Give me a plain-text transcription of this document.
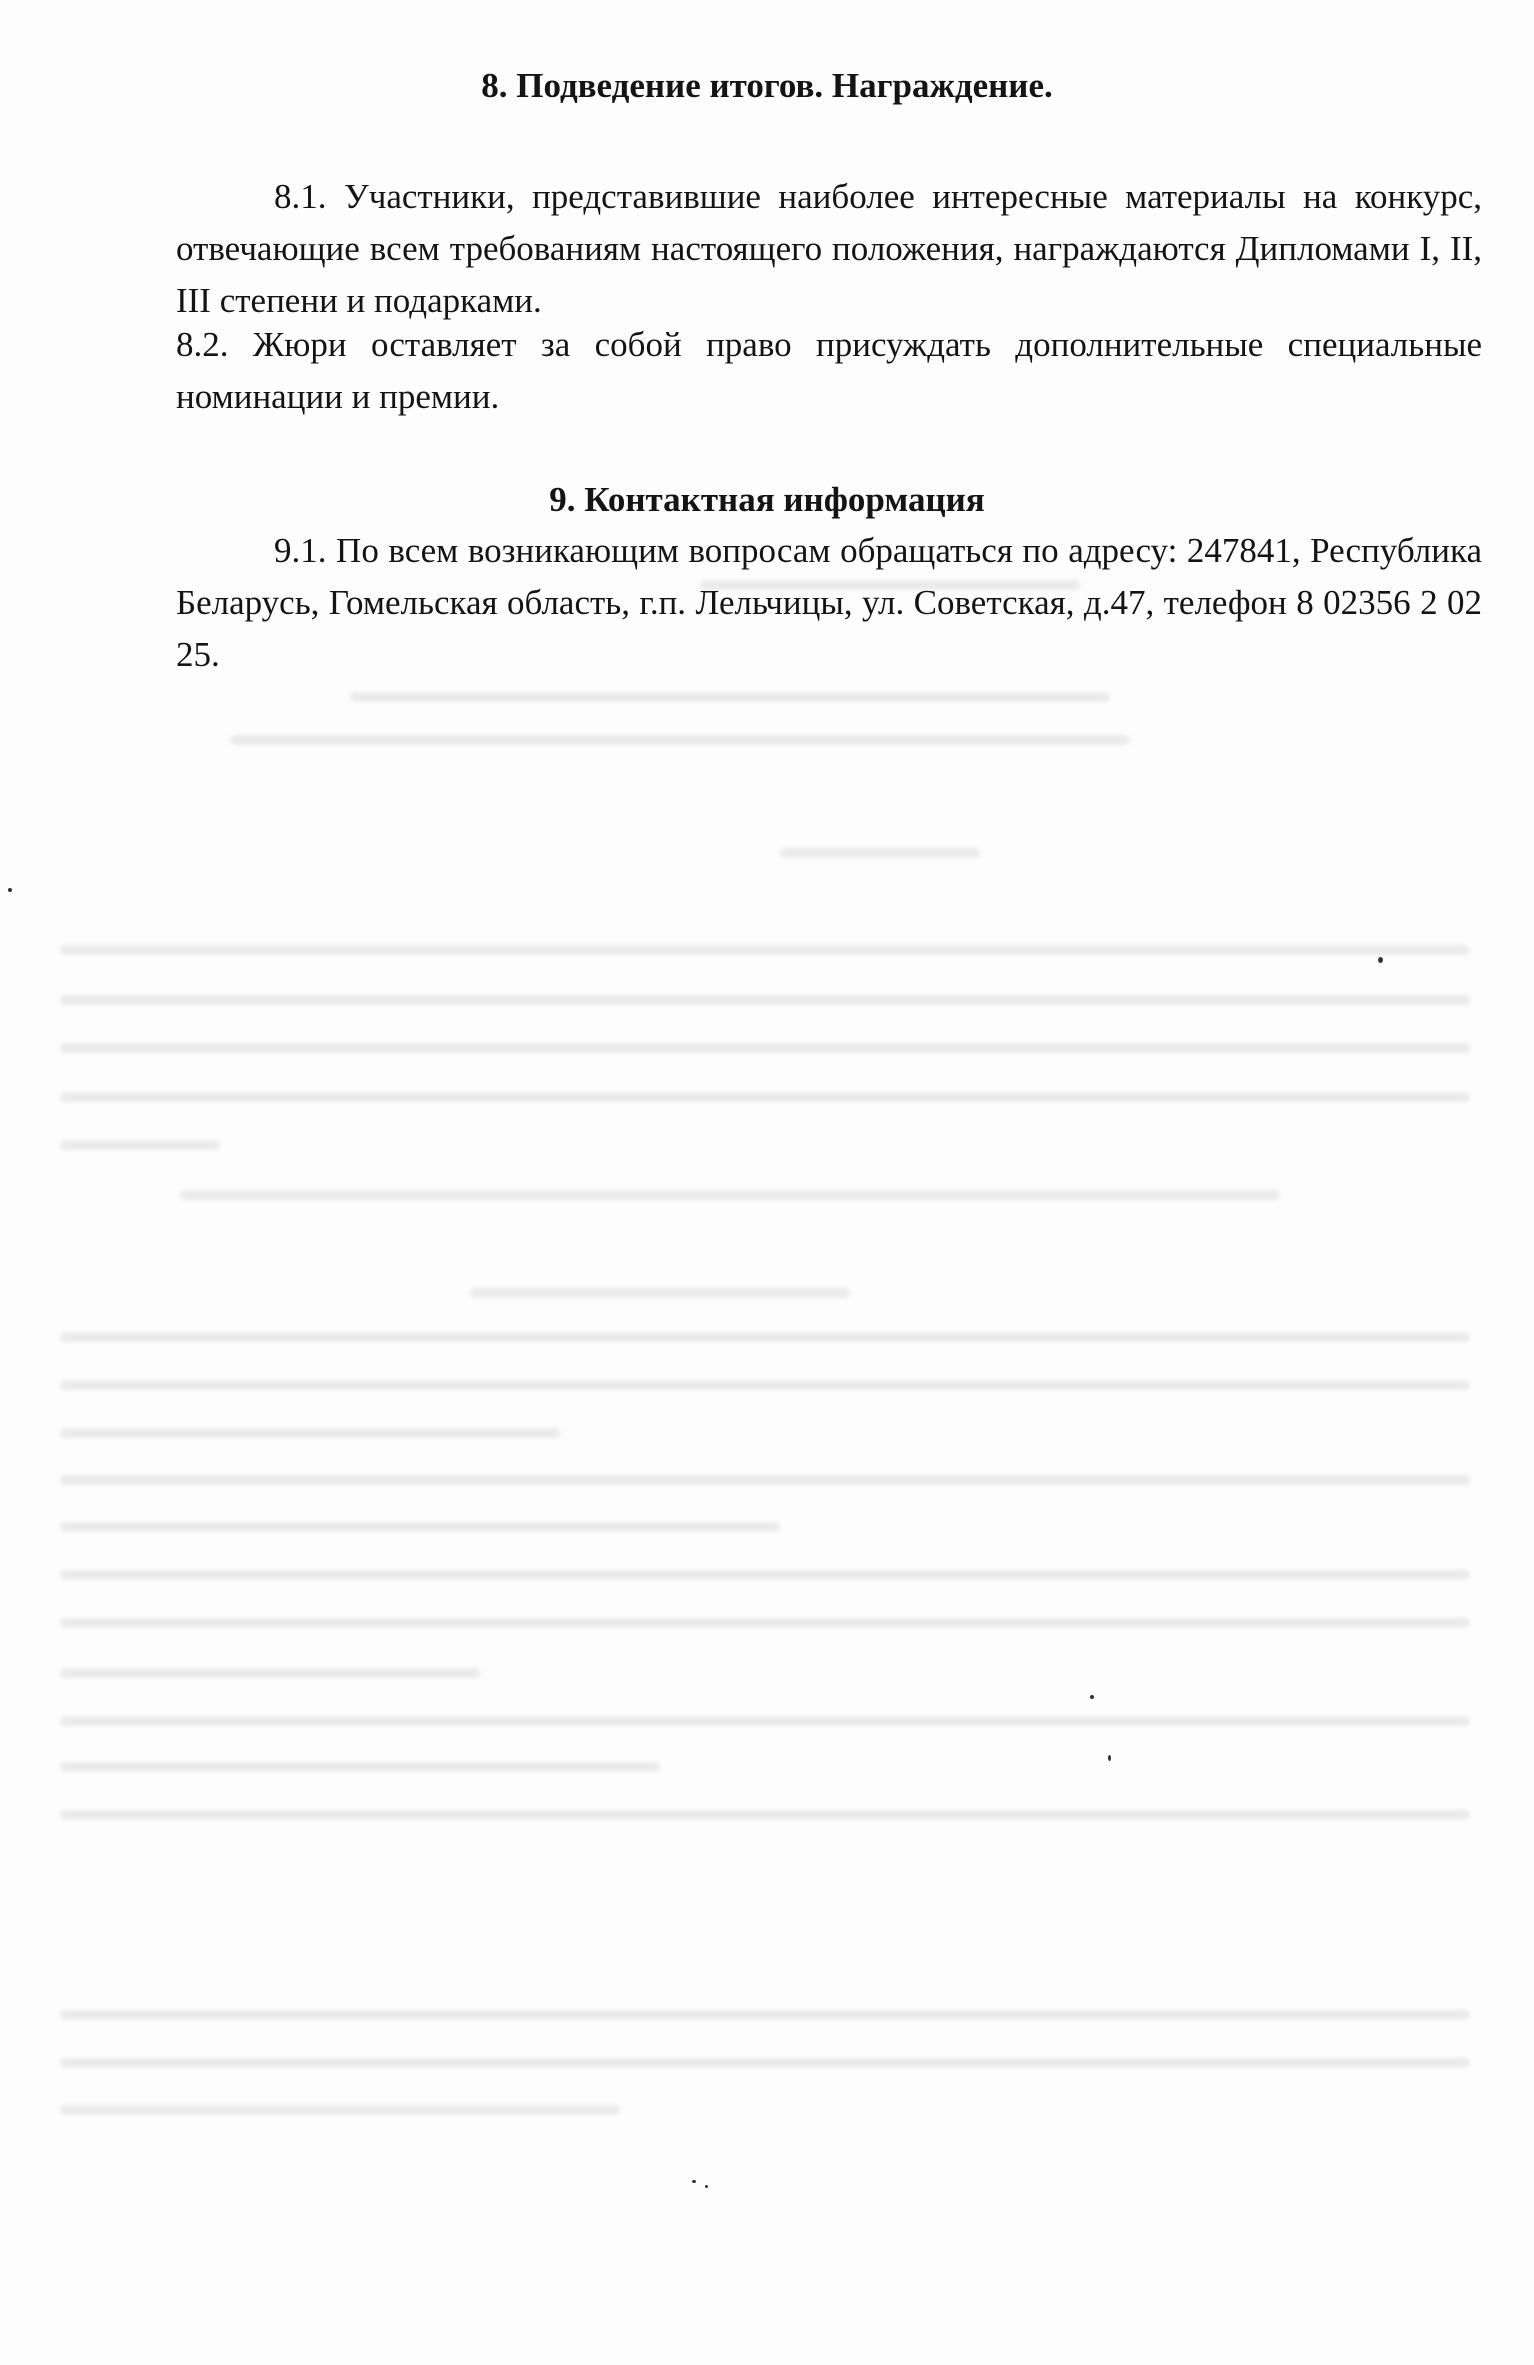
8. Подведение итогов. Награждение.

8.1. Участники, представившие наиболее интересные материалы на конкурс, отвечающие всем требованиям настоящего положения, награждаются Дипломами I, II, III степени и подарками.

8.2. Жюри оставляет за собой право присуждать дополнительные специальные номинации и премии.

9. Контактная информация

9.1. По всем возникающим вопросам обращаться по адресу: 247841, Республика Беларусь, Гомельская область, г.п. Лельчицы, ул. Советская, д.47, телефон 8 02356 2 02 25.
